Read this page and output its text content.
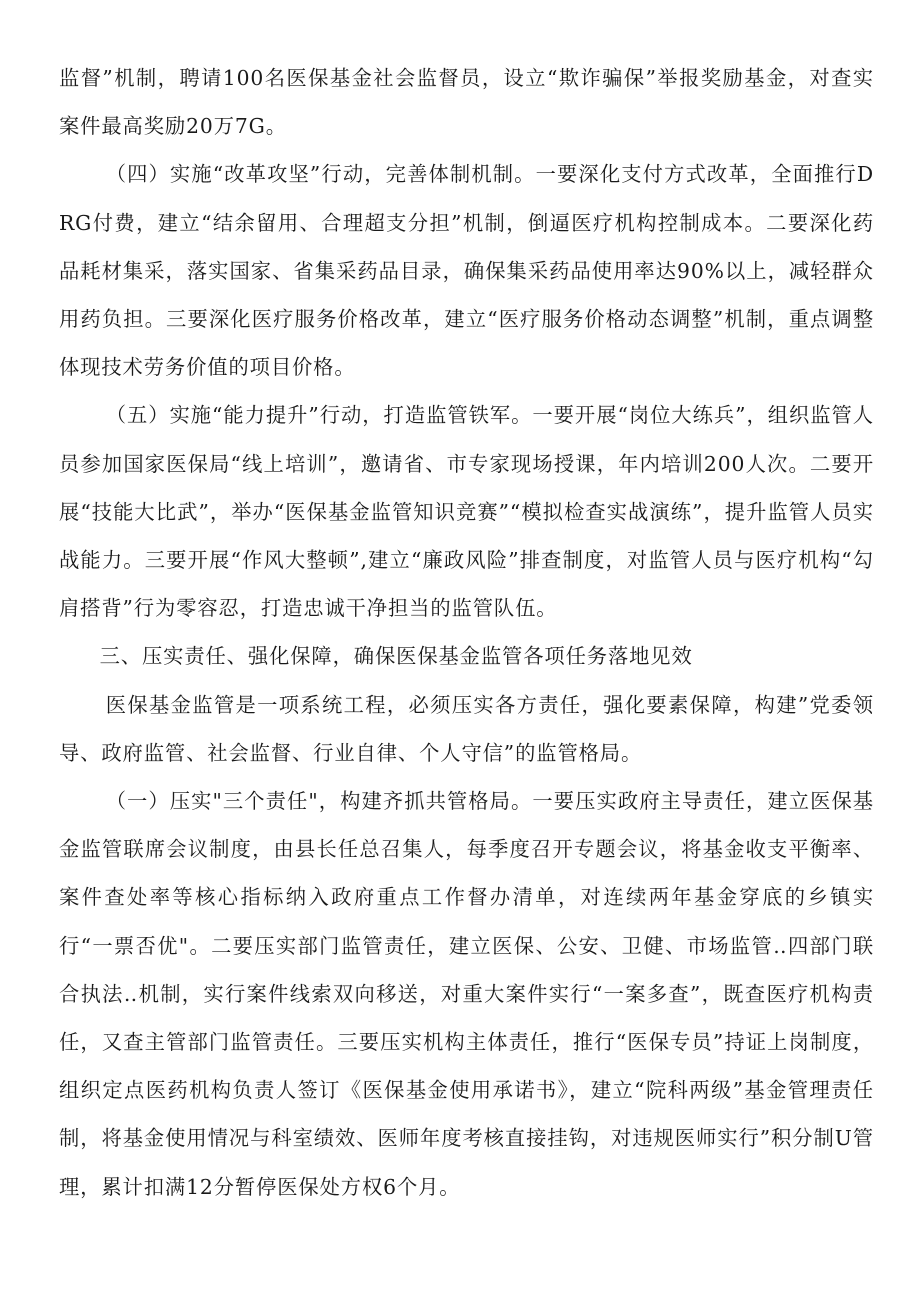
监督”机制，聘请100名医保基金社会监督员，设立“欺诈骗保”举报奖励基金，对查实案件最高奖励20万7G。

（四）实施“改革攻坚”行动，完善体制机制。一要深化支付方式改革，全面推行DRG付费，建立“结余留用、合理超支分担”机制，倒逼医疗机构控制成本。二要深化药品耗材集采，落实国家、省集采药品目录，确保集采药品使用率达90%以上，减轻群众用药负担。三要深化医疗服务价格改革，建立“医疗服务价格动态调整”机制，重点调整体现技术劳务价值的项目价格。

（五）实施“能力提升”行动，打造监管铁军。一要开展“岗位大练兵”，组织监管人员参加国家医保局“线上培训”，邀请省、市专家现场授课，年内培训200人次。二要开展“技能大比武”，举办“医保基金监管知识竞赛”“模拟检查实战演练”，提升监管人员实战能力。三要开展“作风大整顿”,建立“廉政风险”排查制度，对监管人员与医疗机构“勾肩搭背”行为零容忍，打造忠诚干净担当的监管队伍。

三、压实责任、强化保障，确保医保基金监管各项任务落地见效

医保基金监管是一项系统工程，必须压实各方责任，强化要素保障，构建”党委领导、政府监管、社会监督、行业自律、个人守信”的监管格局。

（一）压实"三个责任"，构建齐抓共管格局。一要压实政府主导责任，建立医保基金监管联席会议制度，由县长任总召集人，每季度召开专题会议，将基金收支平衡率、案件查处率等核心指标纳入政府重点工作督办清单，对连续两年基金穿底的乡镇实行“一票否优"。二要压实部门监管责任，建立医保、公安、卫健、市场监管‥四部门联合执法‥机制，实行案件线索双向移送，对重大案件实行“一案多查”，既查医疗机构责任，又查主管部门监管责任。三要压实机构主体责任，推行“医保专员”持证上岗制度，组织定点医药机构负责人签订《医保基金使用承诺书》，建立“院科两级”基金管理责任制，将基金使用情况与科室绩效、医师年度考核直接挂钩，对违规医师实行”积分制U管理，累计扣满12分暂停医保处方权6个月。
